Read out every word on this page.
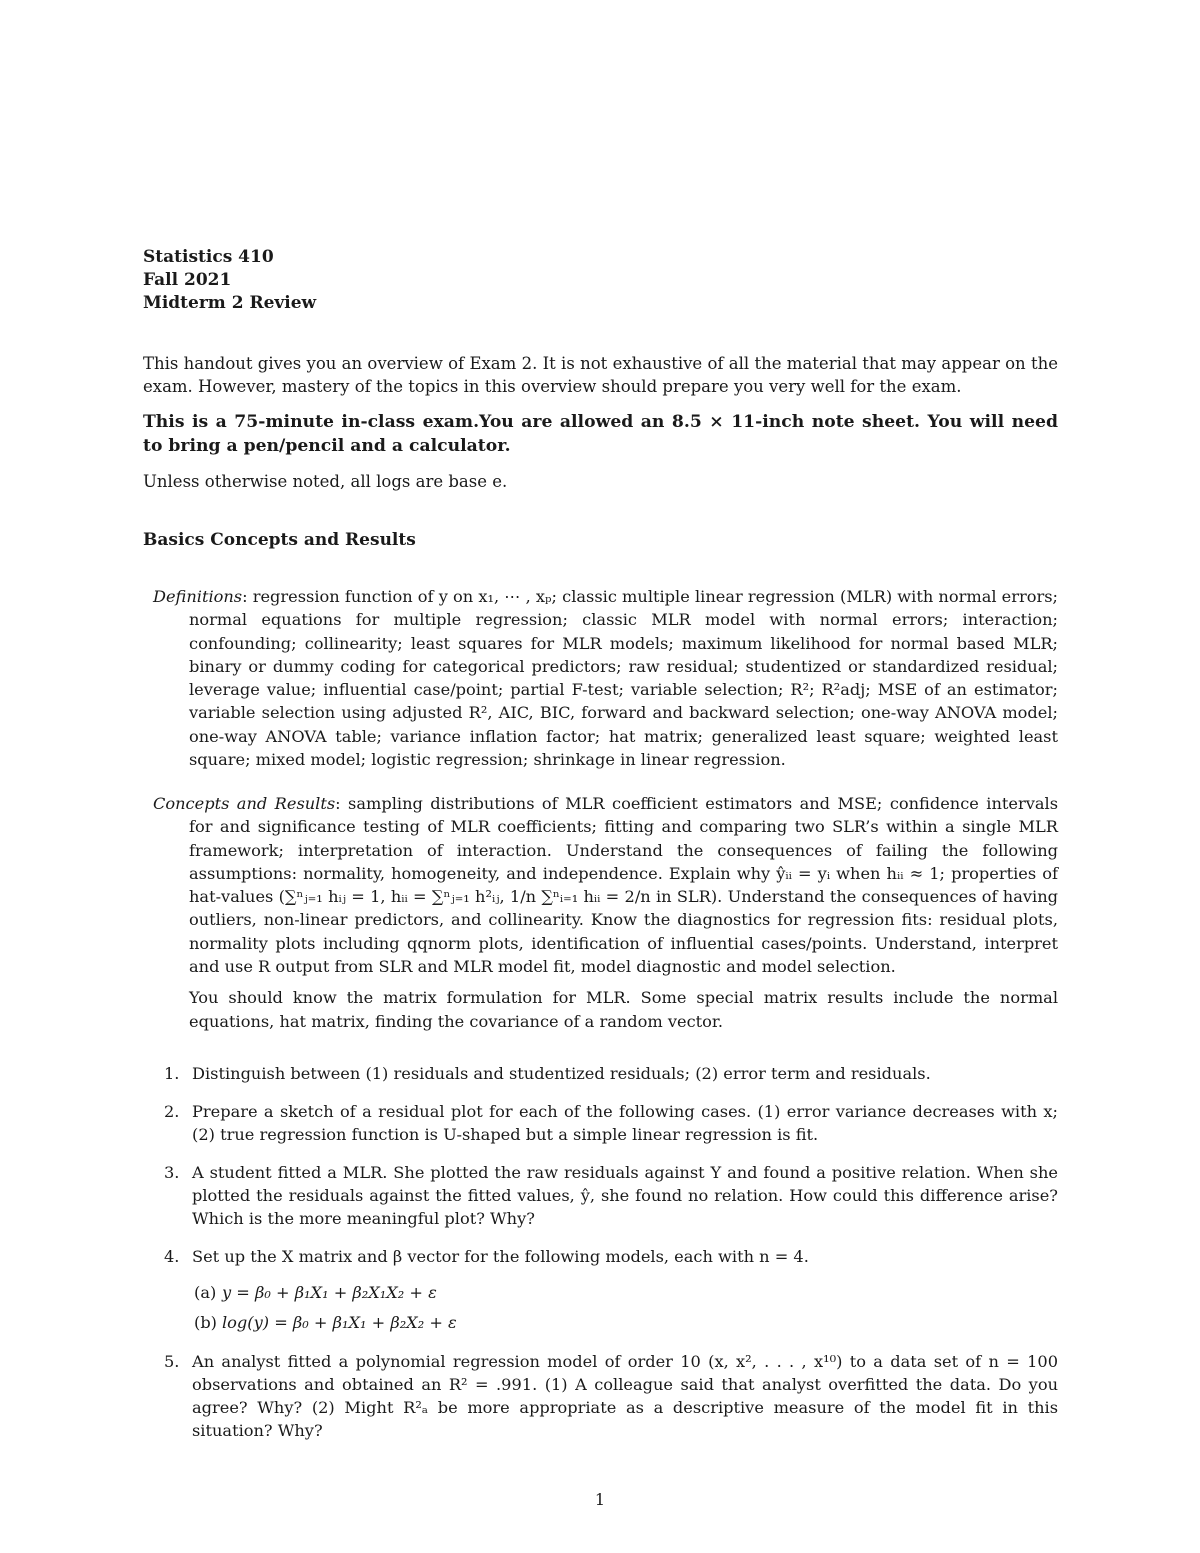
Statistics 410
Fall 2021
Midterm 2 Review

This handout gives you an overview of Exam 2. It is not exhaustive of all the material that may appear on the exam. However, mastery of the topics in this overview should prepare you very well for the exam.

This is a 75-minute in-class exam.You are allowed an 8.5 × 11-inch note sheet. You will need to bring a pen/pencil and a calculator.

Unless otherwise noted, all logs are base e.

Basics Concepts and Results

Definitions: regression function of y on x₁, ⋯ , xₚ; classic multiple linear regression (MLR) with normal errors; normal equations for multiple regression; classic MLR model with normal errors; interaction; confounding; collinearity; least squares for MLR models; maximum likelihood for normal based MLR; binary or dummy coding for categorical predictors; raw residual; studentized or standardized residual; leverage value; influential case/point; partial F-test; variable selection; R²; R²adj; MSE of an estimator; variable selection using adjusted R², AIC, BIC, forward and backward selection; one-way ANOVA model; one-way ANOVA table; variance inflation factor; hat matrix; generalized least square; weighted least square; mixed model; logistic regression; shrinkage in linear regression.

Concepts and Results: sampling distributions of MLR coefficient estimators and MSE; confidence intervals for and significance testing of MLR coefficients; fitting and comparing two SLR’s within a single MLR framework; interpretation of interaction. Understand the consequences of failing the following assumptions: normality, homogeneity, and independence. Explain why ŷᵢᵢ = yᵢ when hᵢᵢ ≈ 1; properties of hat-values (∑ⁿⱼ₌₁ hᵢⱼ = 1, hᵢᵢ = ∑ⁿⱼ₌₁ h²ᵢⱼ, 1/n ∑ⁿᵢ₌₁ hᵢᵢ = 2/n in SLR). Understand the consequences of having outliers, non-linear predictors, and collinearity. Know the diagnostics for regression fits: residual plots, normality plots including qqnorm plots, identification of influential cases/points. Understand, interpret and use R output from SLR and MLR model fit, model diagnostic and model selection.

You should know the matrix formulation for MLR. Some special matrix results include the normal equations, hat matrix, finding the covariance of a random vector.

1. Distinguish between (1) residuals and studentized residuals; (2) error term and residuals.
2. Prepare a sketch of a residual plot for each of the following cases. (1) error variance decreases with x; (2) true regression function is U-shaped but a simple linear regression is fit.
3. A student fitted a MLR. She plotted the raw residuals against Y and found a positive relation. When she plotted the residuals against the fitted values, ŷ, she found no relation. How could this difference arise? Which is the more meaningful plot? Why?
4. Set up the X matrix and β vector for the following models, each with n = 4.

(a) y = β₀ + β₁X₁ + β₂X₁X₂ + ε

(b) log(y) = β₀ + β₁X₁ + β₂X₂ + ε

5. An analyst fitted a polynomial regression model of order 10 (x, x², . . . , x¹⁰) to a data set of n = 100 observations and obtained an R² = .991. (1) A colleague said that analyst overfitted the data. Do you agree? Why? (2) Might R²ₐ be more appropriate as a descriptive measure of the model fit in this situation? Why?
1
